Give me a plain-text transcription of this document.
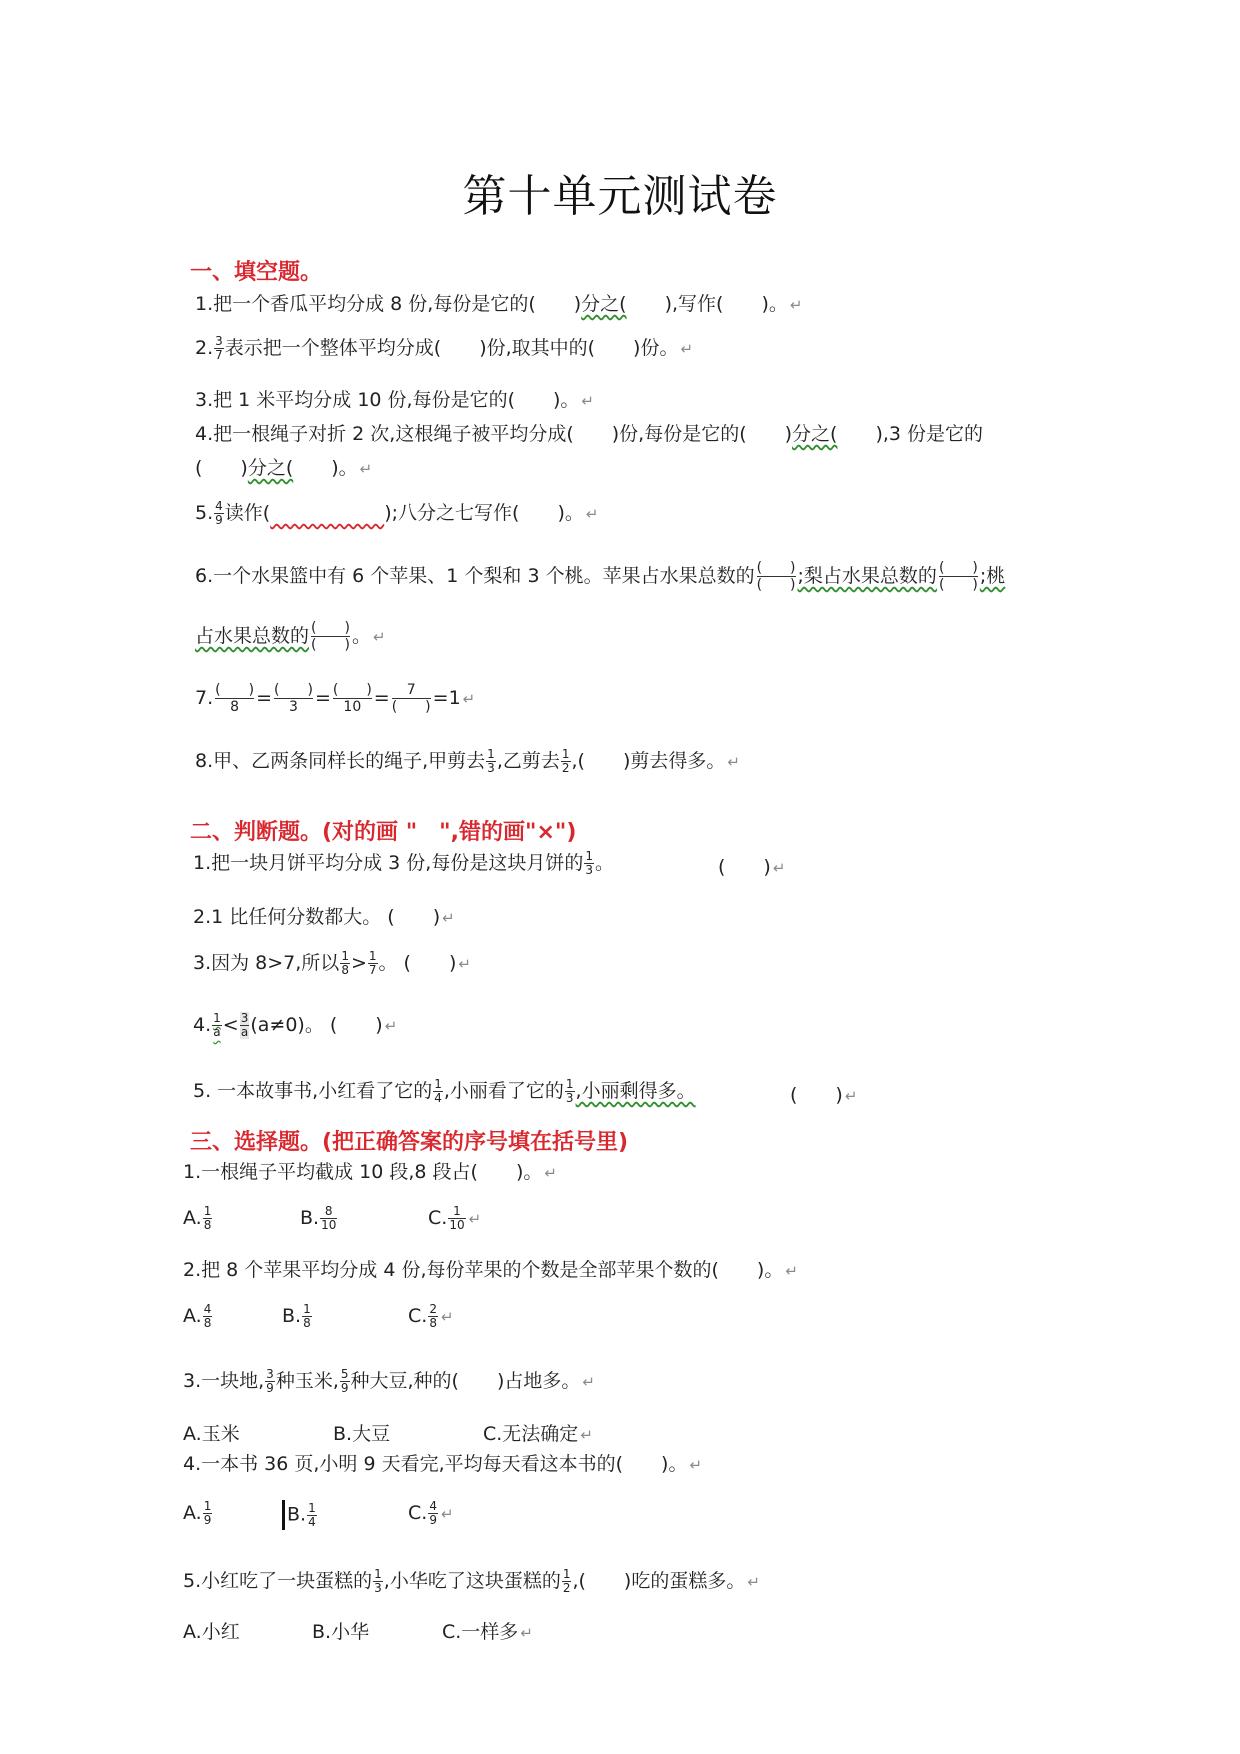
第十单元测试卷
一、填空题。
1.把一个香瓜平均分成 8 份,每份是它的(　　)分之(　　),写作(　　)。 ↵
2. $\frac{3}{7}$ 表示把一个整体平均分成(　　)份,取其中的(　　)份。 ↵
3.把 1 米平均分成 10 份,每份是它的(　　)。 ↵
4.把一根绳子对折 2 次,这根绳子被平均分成(　　)份,每份是它的(　　)分之(　　),3 份是它的
(　　)分之(　　)。 ↵
5. $\frac{4}{9}$ 读作(　　　　　　	);八分之七写作(　　)。 ↵
6.一个水果篮中有 6 个苹果、1 个梨和 3 个桃。苹果占水果总数的 (　　)
(　　) ;梨占水果总数的 (　　)
(　　) ;桃
占水果总数的 (　　)
(　　) 。 ↵
7. (　　)
8 = (　　)
3 = (　　)
10 =	7
(　　) =1 ↵
8.甲、乙两条同样长的绳子,甲剪去 $\frac{1}{3}$ ,乙剪去 $\frac{1}{2}$ ,(　　)剪去得多。 ↵
二、判断题。(对的画 "　",错的画"×")
1.把一块月饼平均分成 3 份,每份是这块月饼的 $\frac{1}{3}$ 。	(　　) ↵
2.1 比任何分数都大。 (　　) ↵
3.因为 8>7,所以 $\frac{1}{8} > \frac{1}{7}$ 。 (　　) ↵
4. $\frac{1}{a} < \frac{3}{a} (a\ne 0)$。 (　　) ↵
5. 一本故事书,小红看了它的 $\frac{1}{4}$ ,小丽看了它的 $\frac{1}{3}$ ,小丽剩得多。	(　　) ↵
三、选择题。(把正确答案的序号填在括号里)
1.一根绳子平均截成 10 段,8 段占(　　)。 ↵
A. $\frac{1}{8}$	B. $\frac{8}{10}$	C. $\frac{1}{10}$ ↵
2.把 8 个苹果平均分成 4 份,每份苹果的个数是全部苹果个数的(　　)。 ↵
A. $\frac{4}{8}$	B. $\frac{1}{8}$	C. $\frac{2}{8}$ ↵
3.一块地, $\frac{3}{9}$ 种玉米, $\frac{5}{9}$ 种大豆,种的(　　)占地多。 ↵
A.玉米	B.大豆	C.无法确定 ↵
4.一本书 36 页,小明 9 天看完,平均每天看这本书的(　　)。 ↵
A. $\frac{1}{9}$	B. $\frac{1}{4}$	C. $\frac{4}{9}$ ↵
5.小红吃了一块蛋糕的 $\frac{1}{3}$ ,小华吃了这块蛋糕的 $\frac{1}{2}$ ,(　　)吃的蛋糕多。 ↵
A.小红	B.小华	C.一样多 ↵
